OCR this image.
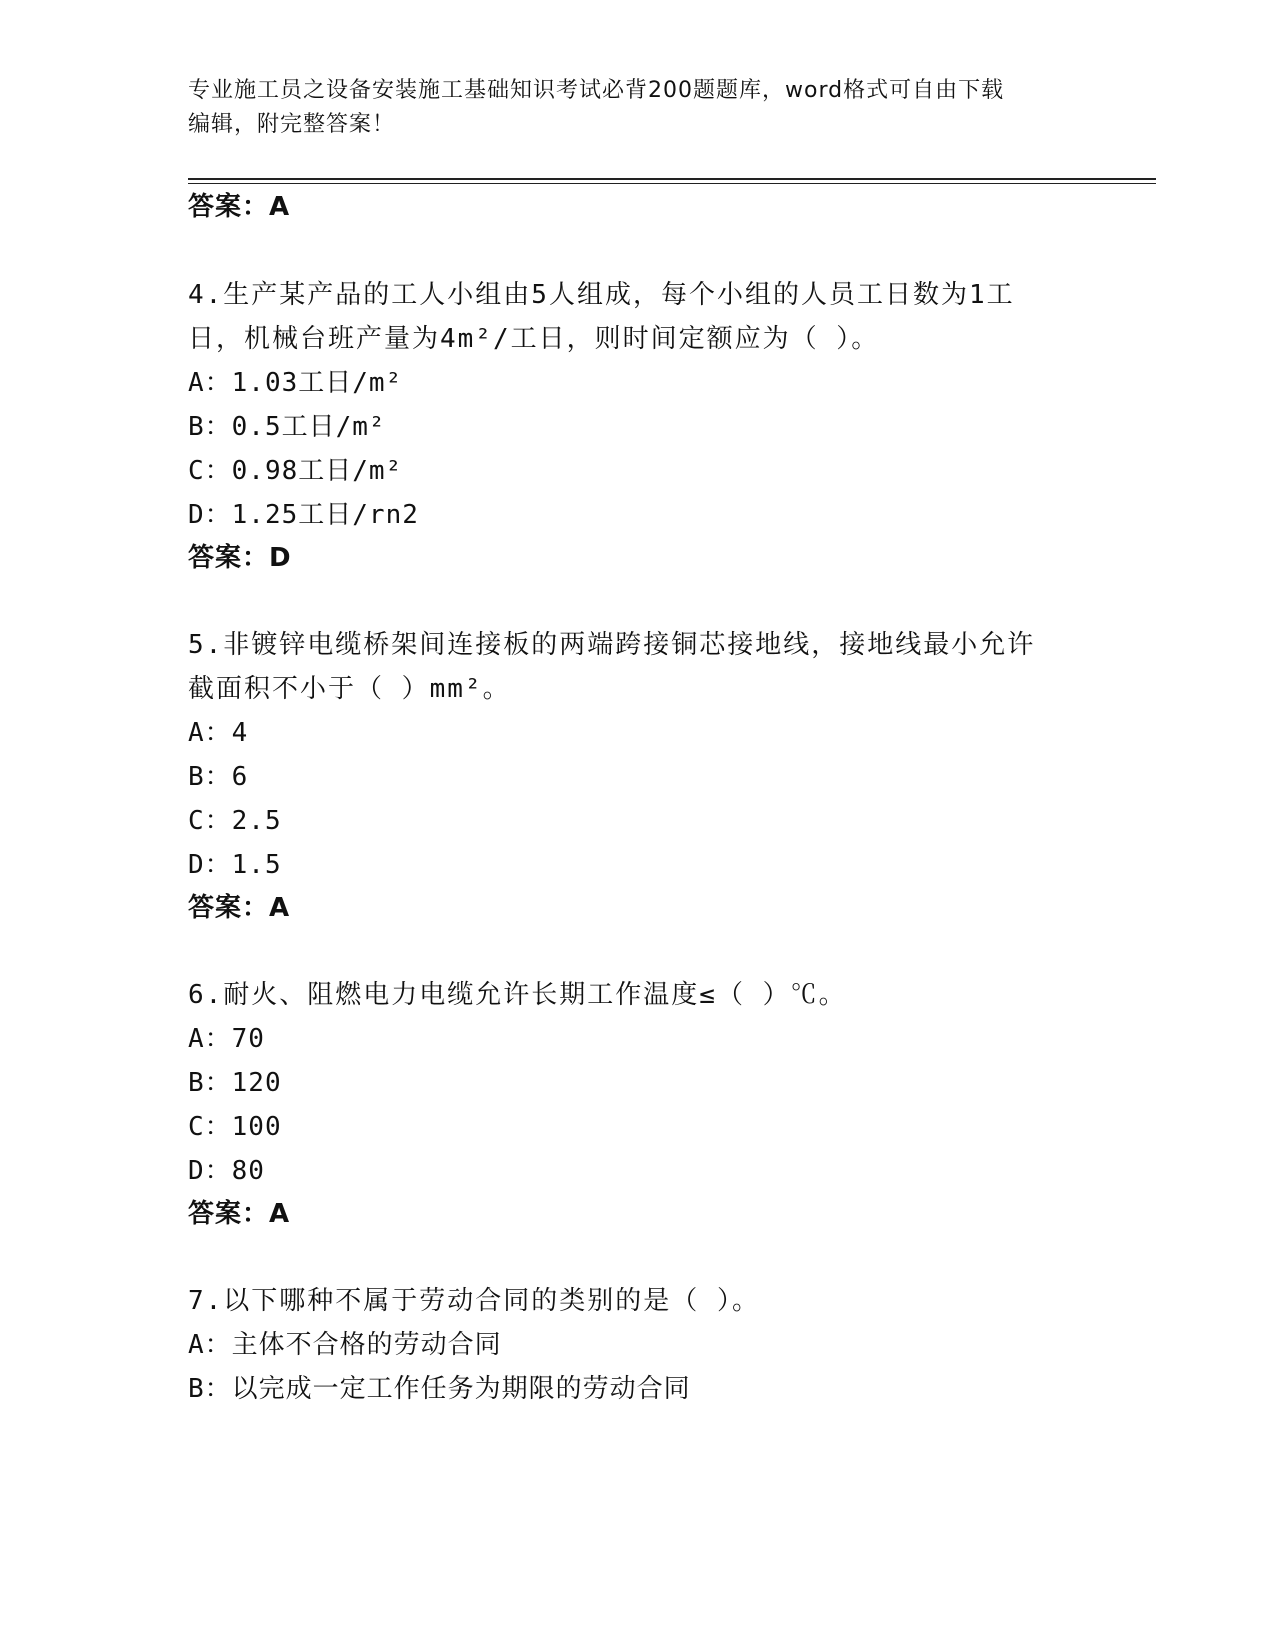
专业施工员之设备安装施工基础知识考试必背200题题库，word格式可自由下载
编辑，附完整答案！
答案：A
4.生产某产品的工人小组由5人组成，每个小组的人员工日数为1工
日，机械台班产量为4m²/工日，则时间定额应为（ ）。
A：1.03工日/m²
B：0.5工日/m²
C：0.98工日/m²
D：1.25工日/rn2
答案：D
5.非镀锌电缆桥架间连接板的两端跨接铜芯接地线，接地线最小允许
截面积不小于（ ）mm²。
A：4
B：6
C：2.5
D：1.5
答案：A
6.耐火、阻燃电力电缆允许长期工作温度≤（ ）℃。
A：70
B：120
C：100
D：80
答案：A
7.以下哪种不属于劳动合同的类别的是（ ）。
A：主体不合格的劳动合同
B：以完成一定工作任务为期限的劳动合同
